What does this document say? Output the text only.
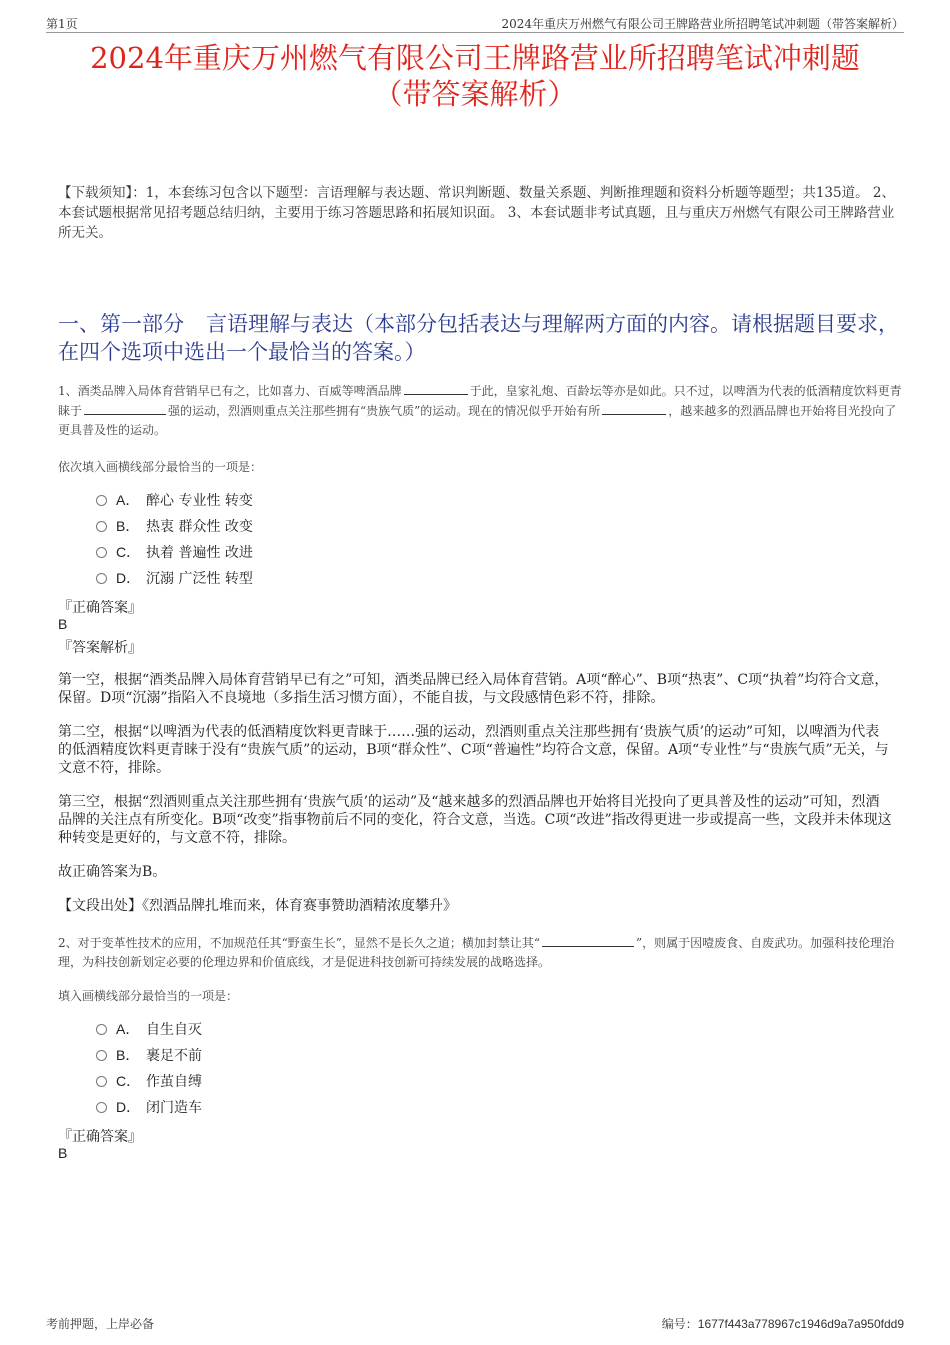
第1页	2024年重庆万州燃气有限公司王牌路营业所招聘笔试冲刺题（带答案解析）
2024年重庆万州燃气有限公司王牌路营业所招聘笔试冲刺题
（带答案解析）
【下载须知】：1，本套练习包含以下题型：言语理解与表达题、常识判断题、数量关系题、判断推理题和资料分析题等题型；共135道。 2、本套试题根据常见招考题总结归纳，主要用于练习答题思路和拓展知识面。 3、本套试题非考试真题，且与重庆万州燃气有限公司王牌路营业所无关。
一、第一部分 言语理解与表达（本部分包括表达与理解两方面的内容。请根据题目要求，在四个选项中选出一个最恰当的答案。）
1、酒类品牌入局体育营销早已有之，比如喜力、百威等啤酒品牌	于此，皇家礼炮、百龄坛等亦是如此。只不过，以啤酒为代表的低酒精度饮料更青睐于	强的运动，烈酒则重点关注那些拥有“贵族气质”的运动。现在的情况似乎开始有所	，越来越多的烈酒品牌也开始将目光投向了更具普及性的运动。
依次填入画横线部分最恰当的一项是：
A． 醉心 专业性 转变
B． 热衷 群众性 改变
C． 执着 普遍性 改进
D． 沉溺 广泛性 转型
『正确答案』
B
『答案解析』
第一空，根据“酒类品牌入局体育营销早已有之”可知，酒类品牌已经入局体育营销。A项“醉心”、B项“热衷”、C项“执着”均符合文意，保留。D项“沉溺”指陷入不良境地（多指生活习惯方面），不能自拔，与文段感情色彩不符，排除。
第二空，根据“以啤酒为代表的低酒精度饮料更青睐于……强的运动，烈酒则重点关注那些拥有‘贵族气质’的运动”可知，以啤酒为代表的低酒精度饮料更青睐于没有“贵族气质”的运动，B项“群众性”、C项“普遍性”均符合文意，保留。A项“专业性”与“贵族气质”无关，与文意不符，排除。
第三空，根据“烈酒则重点关注那些拥有‘贵族气质’的运动”及“越来越多的烈酒品牌也开始将目光投向了更具普及性的运动”可知，烈酒品牌的关注点有所变化。B项“改变”指事物前后不同的变化，符合文意，当选。C项“改进”指改得更进一步或提高一些，文段并未体现这种转变是更好的，与文意不符，排除。
故正确答案为B。
【文段出处】《烈酒品牌扎堆而来，体育赛事赞助酒精浓度攀升》
2、对于变革性技术的应用，不加规范任其“野蛮生长”，显然不是长久之道；横加封禁让其“	”，则属于因噎废食、自废武功。加强科技伦理治理，为科技创新划定必要的伦理边界和价值底线，才是促进科技创新可持续发展的战略选择。
填入画横线部分最恰当的一项是：
A． 自生自灭
B． 裹足不前
C． 作茧自缚
D． 闭门造车
『正确答案』
B
考前押题，上岸必备	编号：1677f443a778967c1946d9a7a950fdd9
